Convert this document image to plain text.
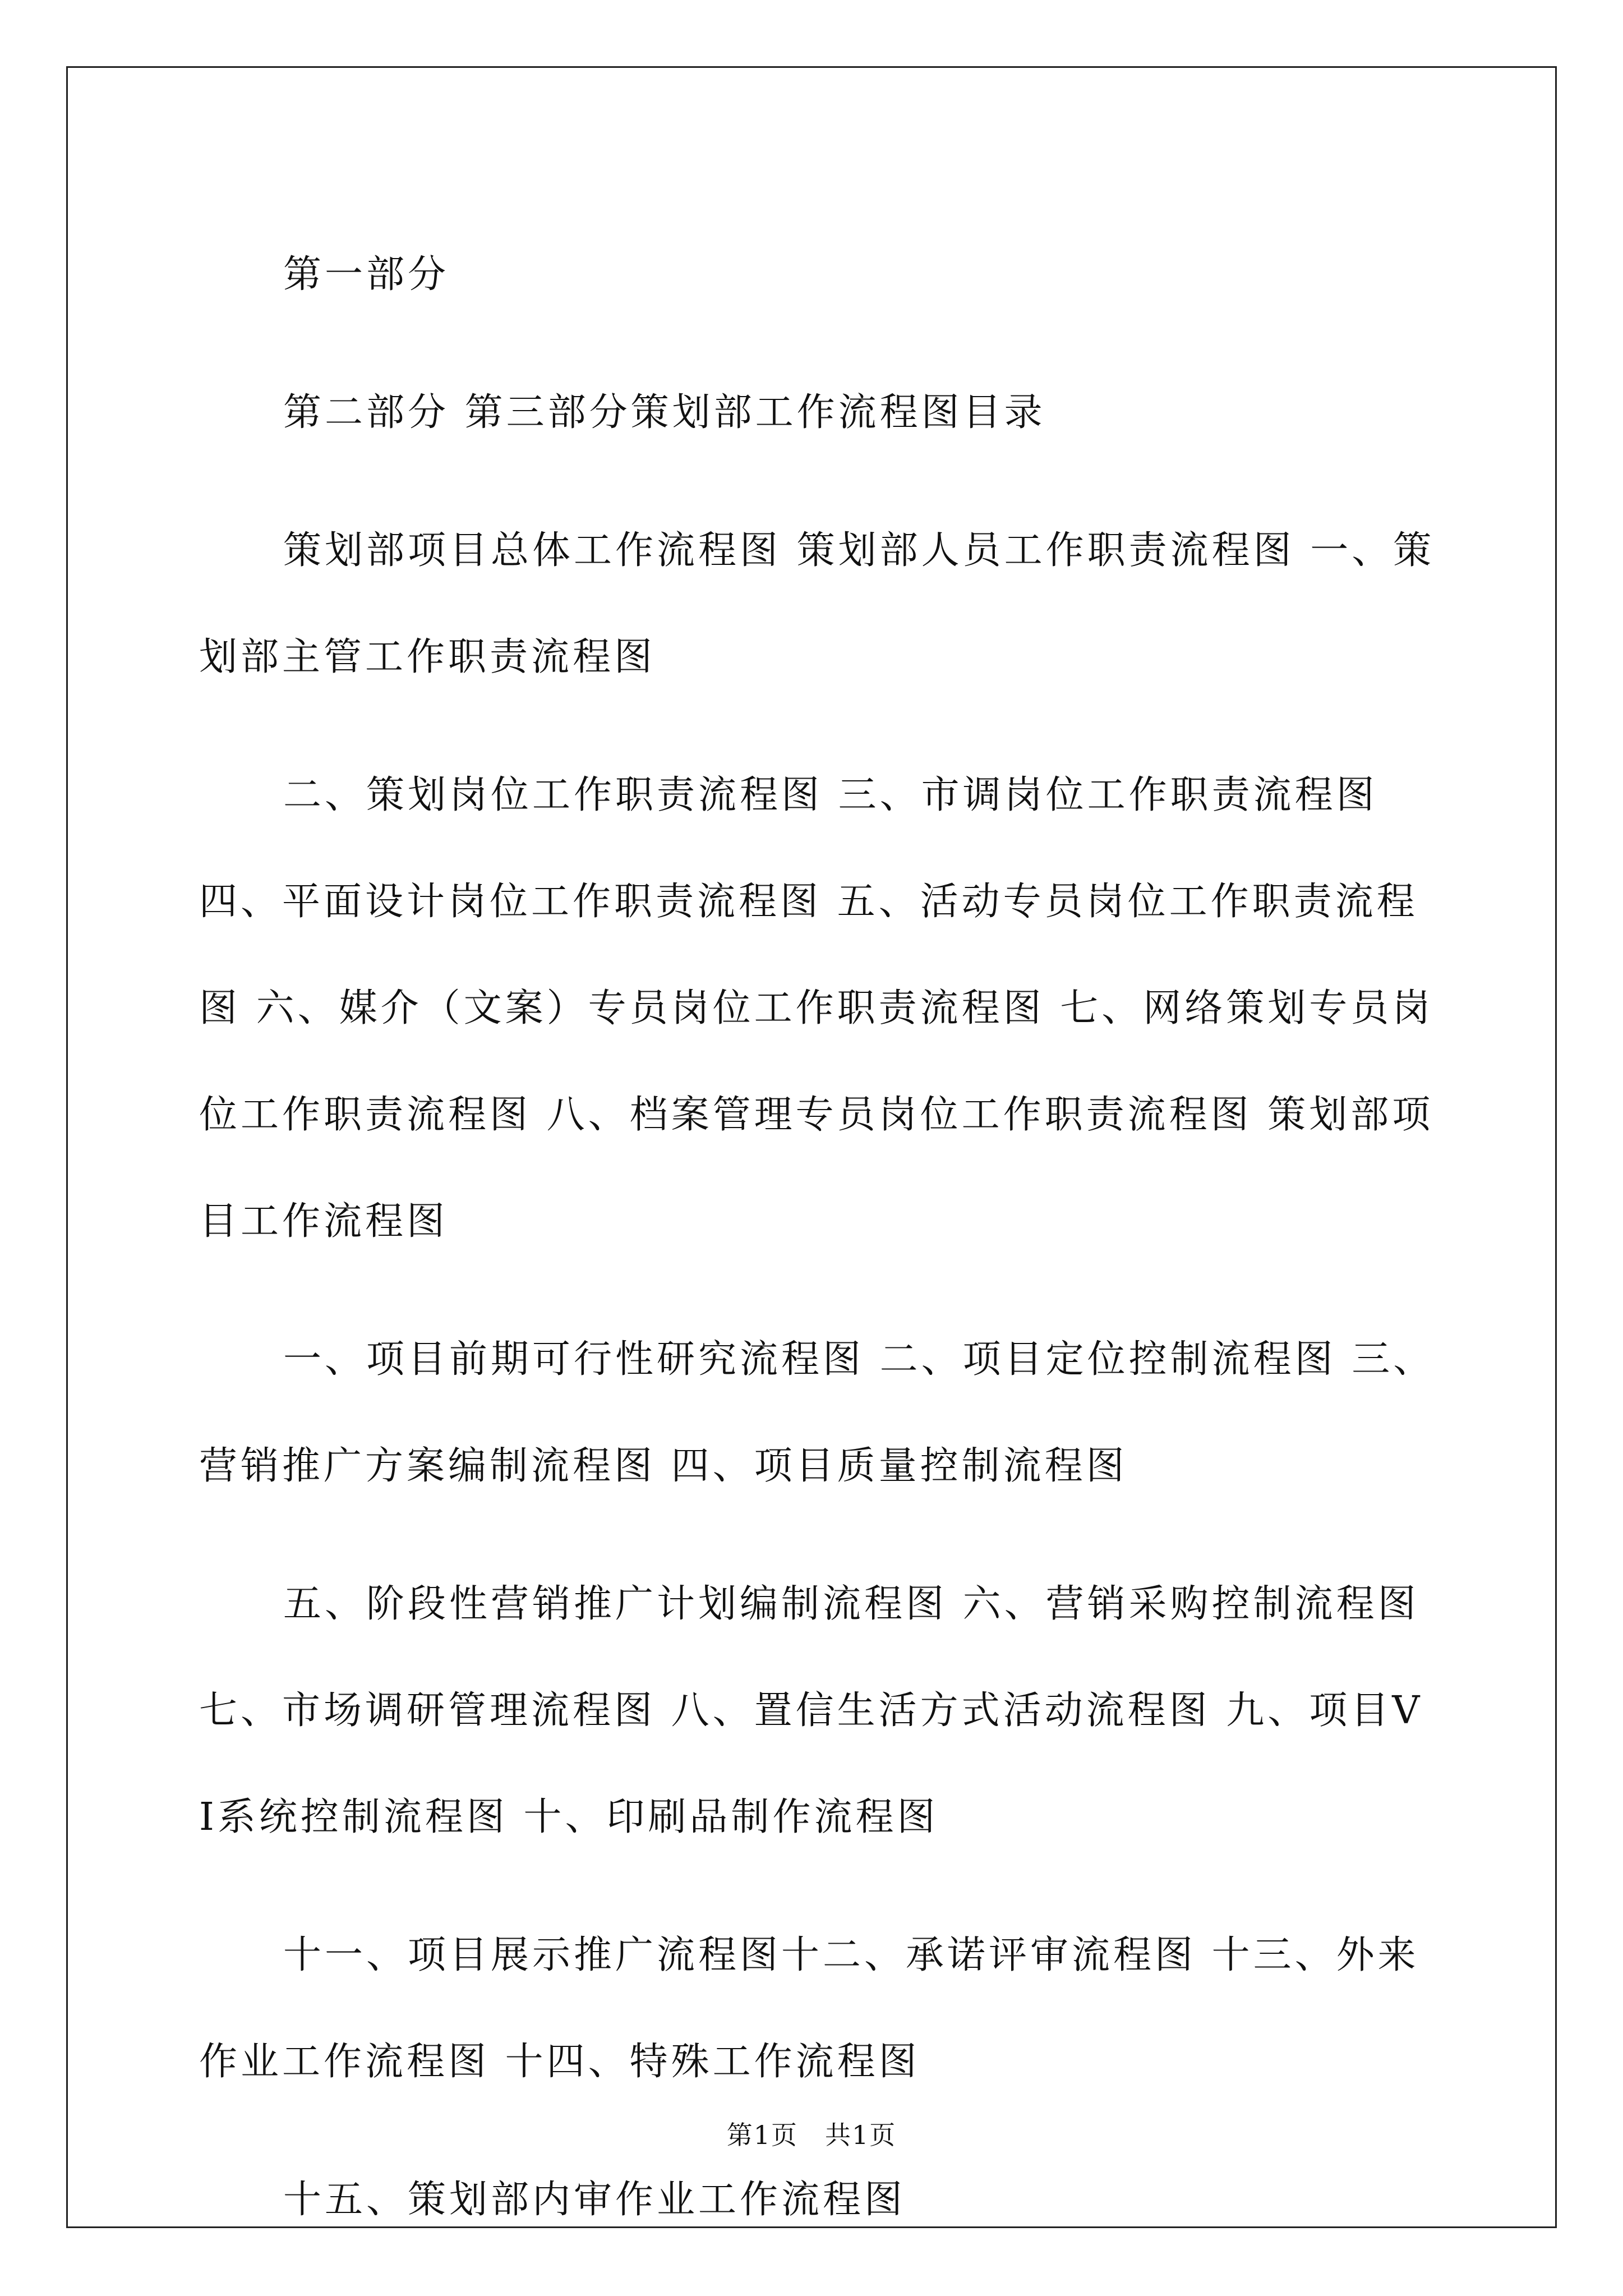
第一部分

第二部分 第三部分策划部工作流程图目录

策划部项目总体工作流程图 策划部人员工作职责流程图 一、策划部主管工作职责流程图

二、策划岗位工作职责流程图 三、市调岗位工作职责流程图 四、平面设计岗位工作职责流程图 五、活动专员岗位工作职责流程图 六、媒介（文案）专员岗位工作职责流程图 七、网络策划专员岗位工作职责流程图 八、档案管理专员岗位工作职责流程图 策划部项目工作流程图

一、项目前期可行性研究流程图 二、项目定位控制流程图 三、营销推广方案编制流程图 四、项目质量控制流程图

五、阶段性营销推广计划编制流程图 六、营销采购控制流程图 七、市场调研管理流程图 八、置信生活方式活动流程图 九、项目VI系统控制流程图 十、印刷品制作流程图

十一、项目展示推广流程图十二、承诺评审流程图 十三、外来作业工作流程图 十四、特殊工作流程图

十五、策划部内审作业工作流程图

第1页　共1页
